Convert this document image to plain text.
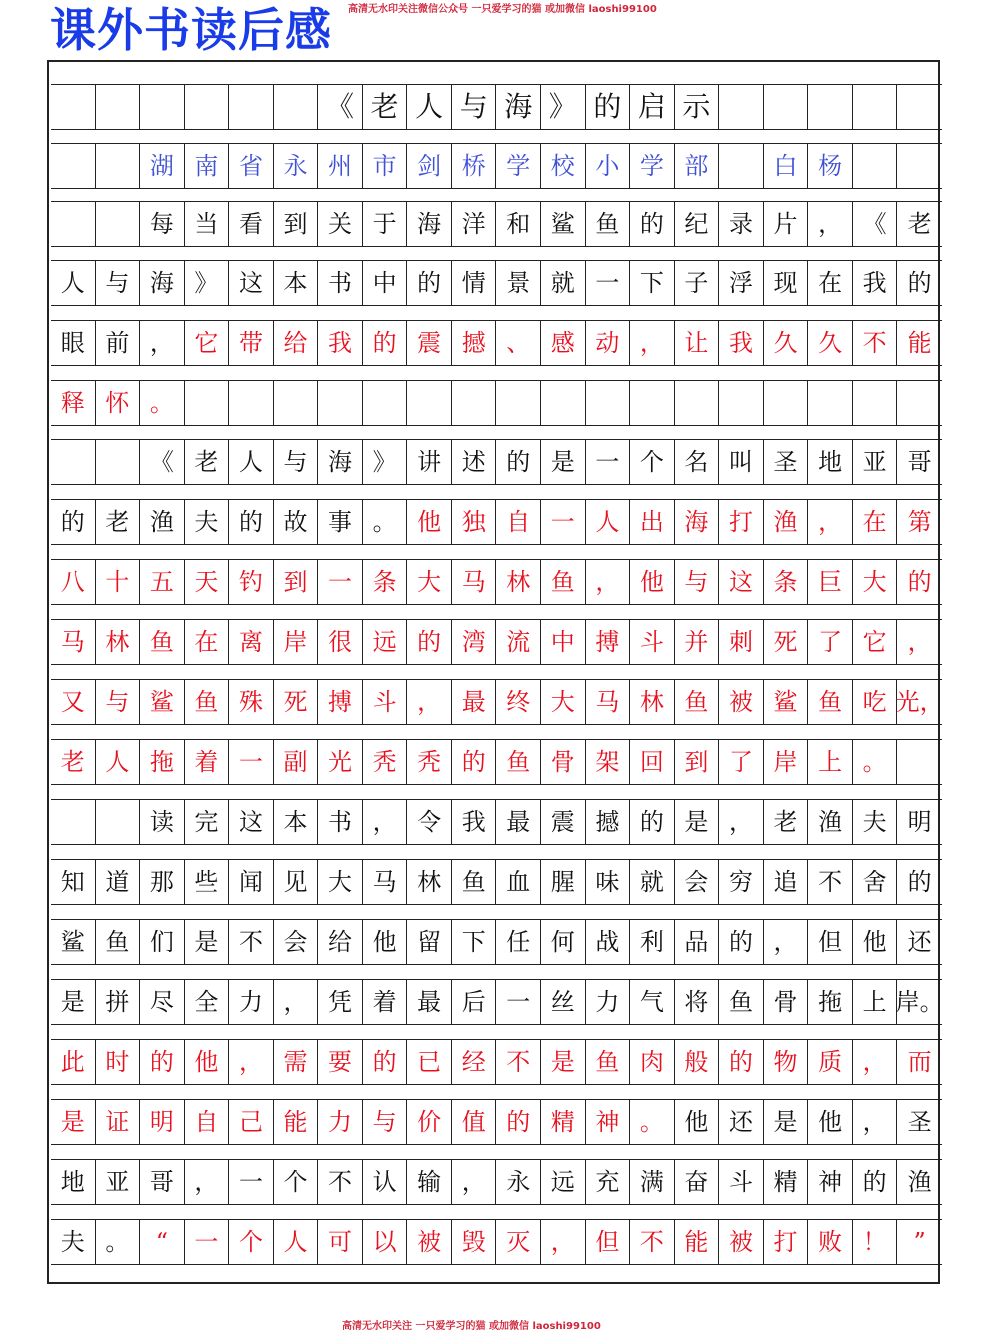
课外书读后感 高清无水印关注微信公众号 一只爱学习的猫 或加微信 laoshi99100
《 老 人 与 海 》 的 启 示
湖 南 省 永 州 市 剑 桥 学 校 小 学 部	白 杨
每 当 看 到 关 于 海 洋 和 鲨 鱼 的 纪 录 片 ， 《 老
人 与 海 》 这 本 书 中 的 情 景 就 一 下 子 浮 现 在 我 的
眼 前 ， 它 带 给 我 的 震 撼 、 感 动 ， 让 我 久 久 不 能
释 怀 。
《 老 人 与 海 》 讲 述 的 是 一 个 名 叫 圣 地 亚 哥
的 老 渔 夫 的 故 事 。 他 独 自 一 人 出 海 打 渔 ， 在 第
八 十 五 天 钓 到 一 条 大 马 林 鱼 ， 他 与 这 条 巨 大 的
马 林 鱼 在 离 岸 很 远 的 湾 流 中 搏 斗 并 刺 死 了 它 ，
又 与 鲨 鱼 殊 死 搏 斗 ， 最 终 大 马 林 鱼 被 鲨 鱼 吃 光，
老 人 拖 着 一 副 光 秃 秃 的 鱼 骨 架 回 到 了 岸 上 。
读 完 这 本 书 ， 令 我 最 震 撼 的 是 ， 老 渔 夫 明
知 道 那 些 闻 见 大 马 林 鱼 血 腥 味 就 会 穷 追 不 舍 的
鲨 鱼 们 是 不 会 给 他 留 下 任 何 战 利 品 的 ， 但 他 还
是 拼 尽 全 力 ， 凭 着 最 后 一 丝 力 气 将 鱼 骨 拖 上 岸。
此 时 的 他 ， 需 要 的 已 经 不 是 鱼 肉 般 的 物 质 ， 而
是 证 明 自 己 能 力 与 价 值 的 精 神 。 他 还 是 他 ， 圣
地 亚 哥 ， 一 个 不 认 输 ， 永 远 充 满 奋 斗 精 神 的 渔
夫 。	“	一 个 人 可 以 被 毁 灭 ， 但 不 能 被 打 败 ！	”
高清无水印关注 一只爱学习的猫 或加微信 laoshi99100
